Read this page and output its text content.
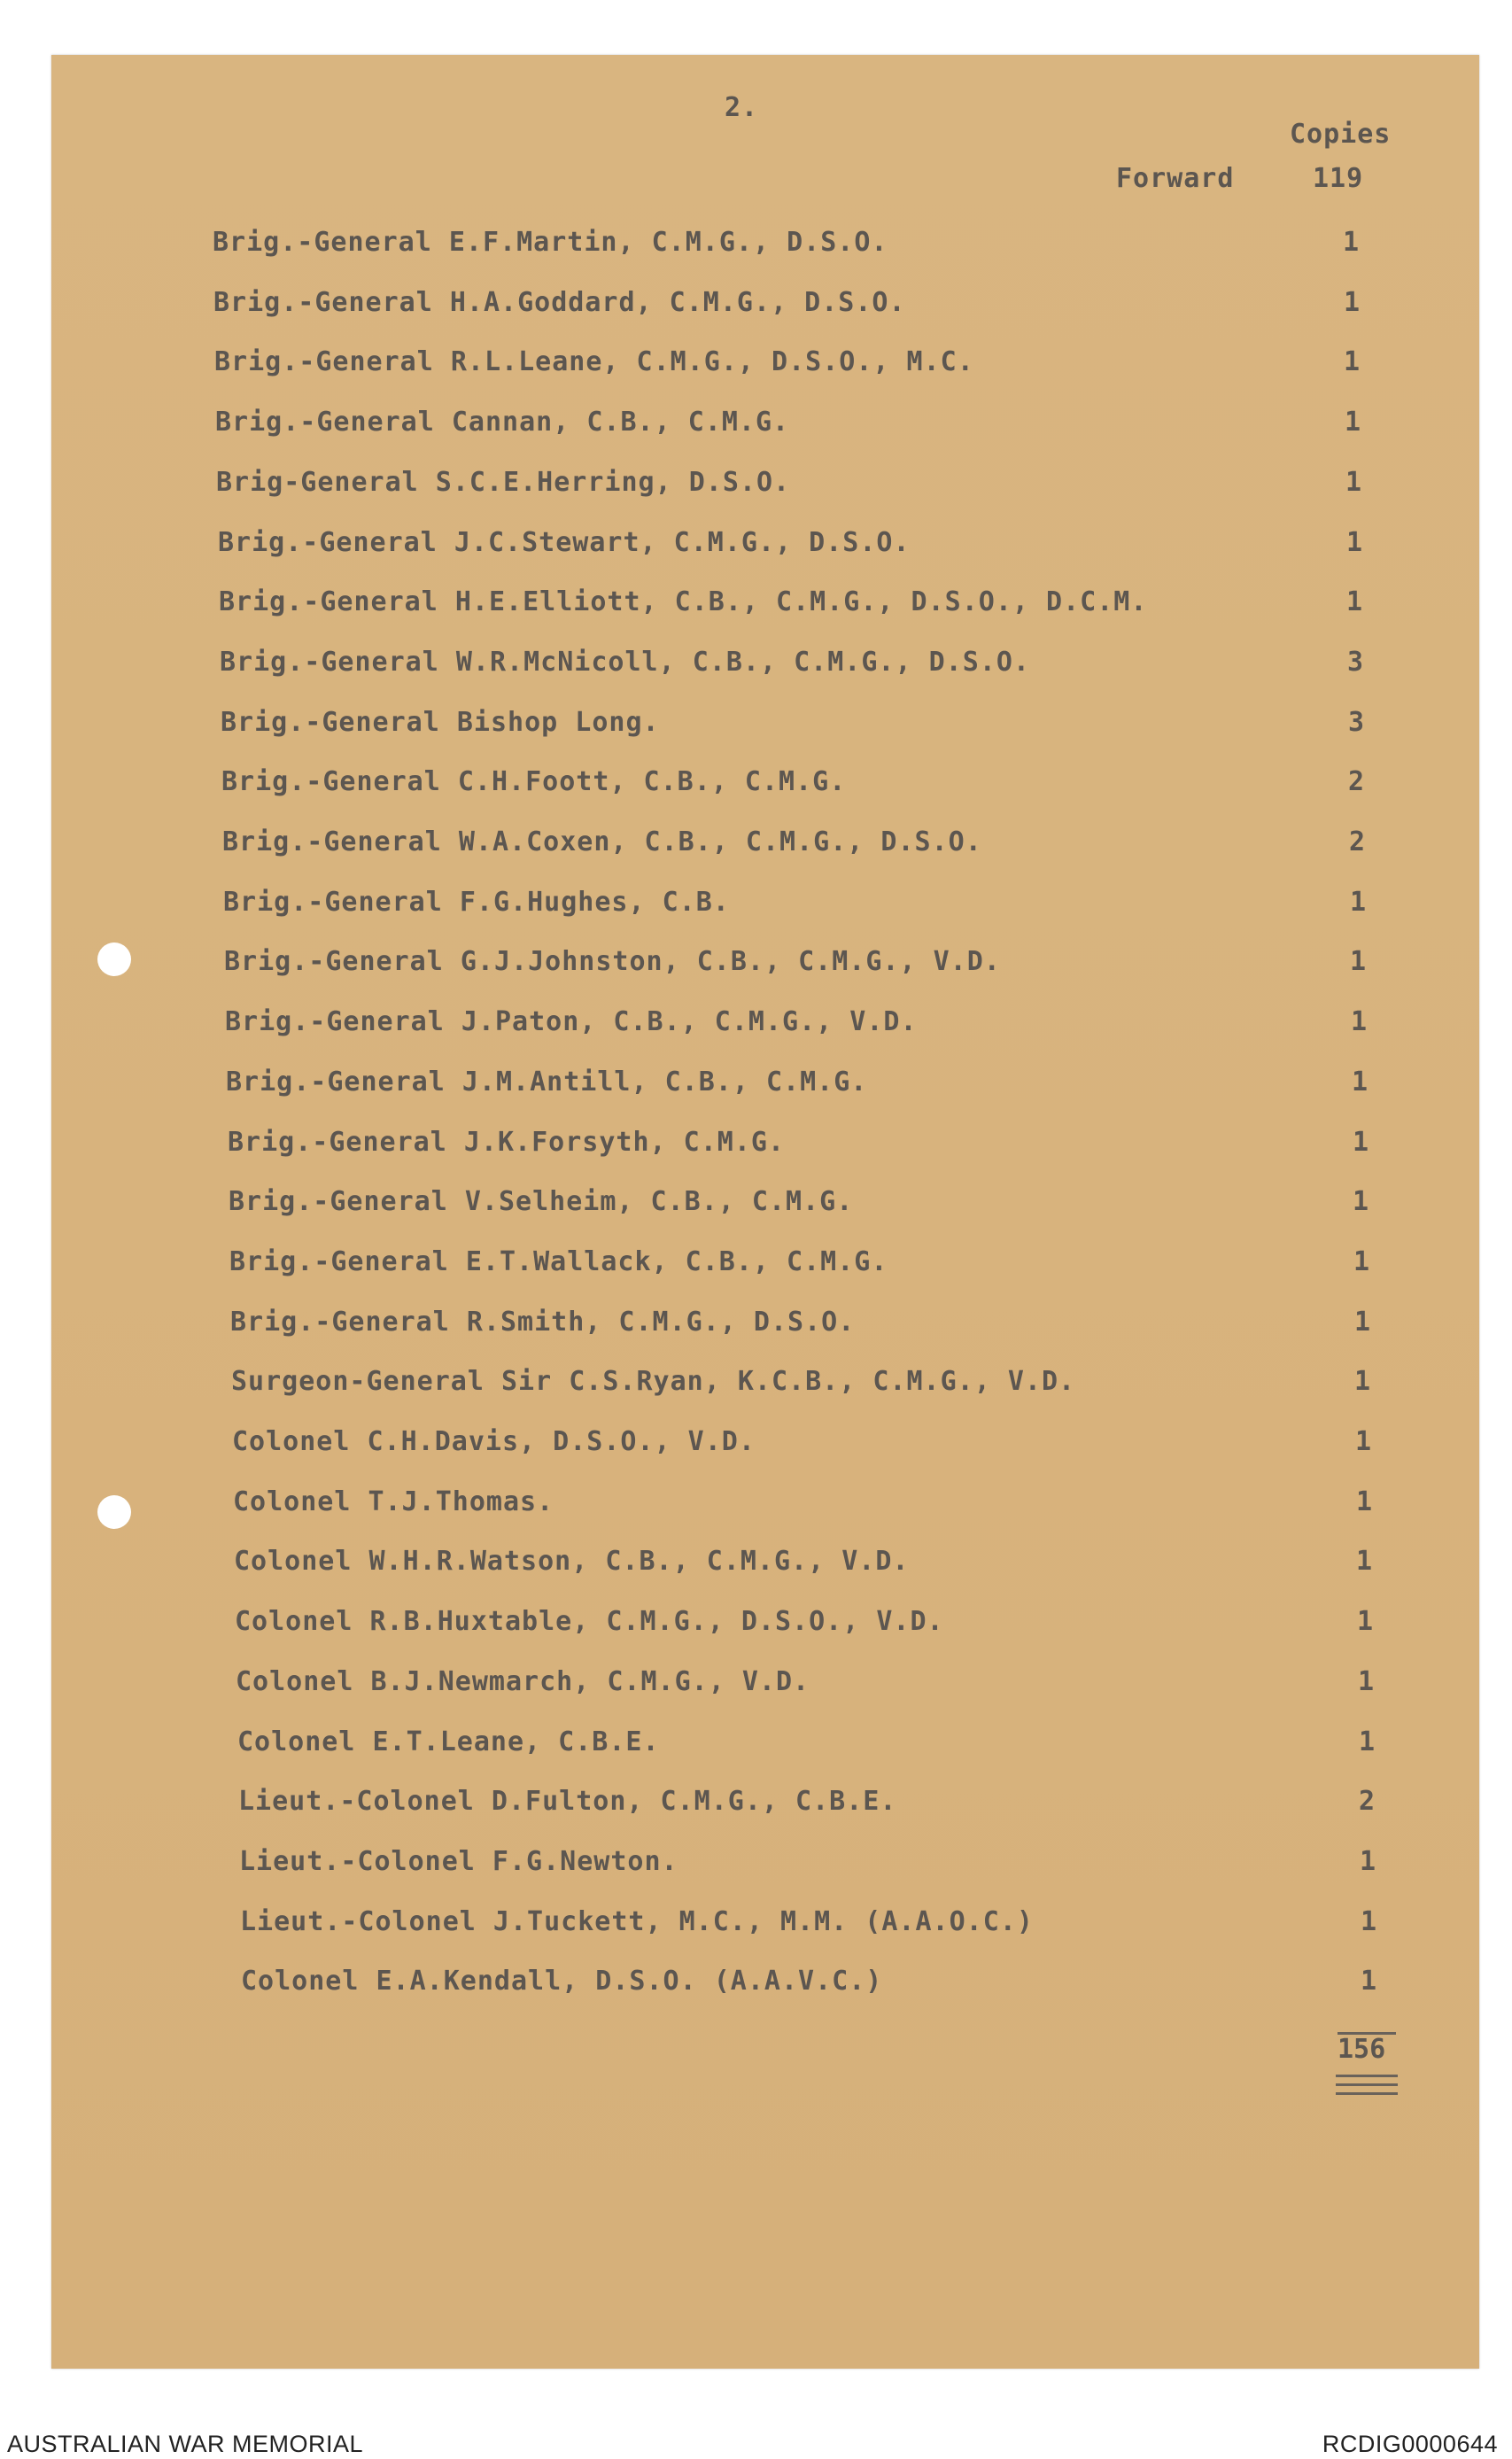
2.
Copies
Forward	119
Brig.-General E.F.Martin, C.M.G., D.S.O.	1
Brig.-General H.A.Goddard, C.M.G., D.S.O.	1
Brig.-General R.L.Leane, C.M.G., D.S.O., M.C.	1
Brig.-General Cannan, C.B., C.M.G.	1
Brig-General S.C.E.Herring, D.S.O.	1
Brig.-General J.C.Stewart, C.M.G., D.S.O.	1
Brig.-General H.E.Elliott, C.B., C.M.G., D.S.O., D.C.M.	1
Brig.-General W.R.McNicoll, C.B., C.M.G., D.S.O.	3
Brig.-General Bishop Long.	3
Brig.-General C.H.Foott, C.B., C.M.G.	2
Brig.-General W.A.Coxen, C.B., C.M.G., D.S.O.	2
Brig.-General F.G.Hughes, C.B.	1
Brig.-General G.J.Johnston, C.B., C.M.G., V.D.	1
Brig.-General J.Paton, C.B., C.M.G., V.D.	1
Brig.-General J.M.Antill, C.B., C.M.G.	1
Brig.-General J.K.Forsyth, C.M.G.	1
Brig.-General V.Selheim, C.B., C.M.G.	1
Brig.-General E.T.Wallack, C.B., C.M.G.	1
Brig.-General R.Smith, C.M.G., D.S.O.	1
Surgeon-General Sir C.S.Ryan, K.C.B., C.M.G., V.D.	1
Colonel C.H.Davis, D.S.O., V.D.	1
Colonel T.J.Thomas.	1
Colonel W.H.R.Watson, C.B., C.M.G., V.D.	1
Colonel R.B.Huxtable, C.M.G., D.S.O., V.D.	1
Colonel B.J.Newmarch, C.M.G., V.D.	1
Colonel E.T.Leane, C.B.E.	1
Lieut.-Colonel D.Fulton, C.M.G., C.B.E.	2
Lieut.-Colonel F.G.Newton.	1
Lieut.-Colonel J.Tuckett, M.C., M.M. (A.A.O.C.)	1
Colonel E.A.Kendall, D.S.O. (A.A.V.C.)	1
156
AUSTRALIAN WAR MEMORIAL	RCDIG0000644
